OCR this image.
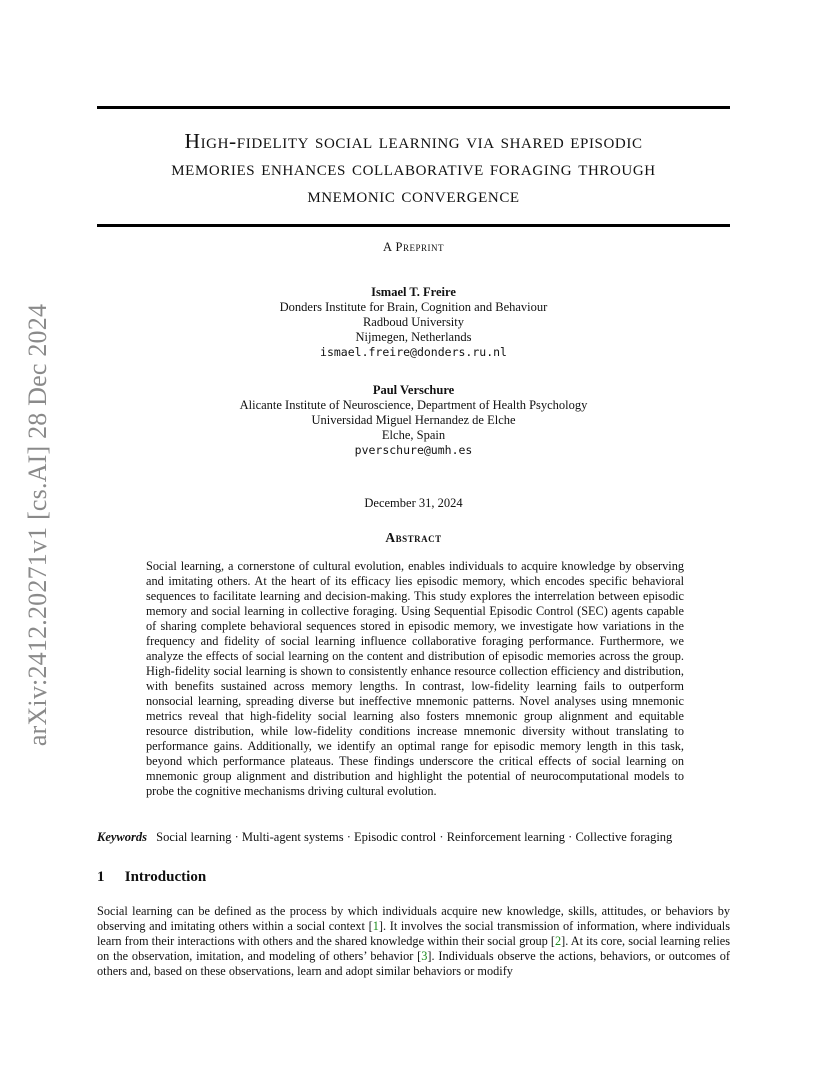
arXiv:2412.20271v1 [cs.AI] 28 Dec 2024
High-fidelity social learning via shared episodic
memories enhances collaborative foraging through
mnemonic convergence
A Preprint
Ismael T. Freire
Donders Institute for Brain, Cognition and Behaviour
Radboud University
Nijmegen, Netherlands
ismael.freire@donders.ru.nl
Paul Verschure
Alicante Institute of Neuroscience, Department of Health Psychology
Universidad Miguel Hernandez de Elche
Elche, Spain
pverschure@umh.es
December 31, 2024
Abstract
Social learning, a cornerstone of cultural evolution, enables individuals to acquire knowledge by observing and imitating others. At the heart of its efficacy lies episodic memory, which encodes specific behavioral sequences to facilitate learning and decision-making. This study explores the interrelation between episodic memory and social learning in collective foraging. Using Sequential Episodic Control (SEC) agents capable of sharing complete behavioral sequences stored in episodic memory, we investigate how variations in the frequency and fidelity of social learning influence collaborative foraging performance. Furthermore, we analyze the effects of social learning on the content and distribution of episodic memories across the group. High-fidelity social learning is shown to consistently enhance resource collection efficiency and distribution, with benefits sustained across memory lengths. In contrast, low-fidelity learning fails to outperform nonsocial learning, spreading diverse but ineffective mnemonic patterns. Novel analyses using mnemonic metrics reveal that high-fidelity social learning also fosters mnemonic group alignment and equitable resource distribution, while low-fidelity conditions increase mnemonic diversity without translating to performance gains. Additionally, we identify an optimal range for episodic memory length in this task, beyond which performance plateaus. These findings underscore the critical effects of social learning on mnemonic group alignment and distribution and highlight the potential of neurocomputational models to probe the cognitive mechanisms driving cultural evolution.
Keywords Social learning · Multi-agent systems · Episodic control · Reinforcement learning · Collective foraging
1 Introduction
Social learning can be defined as the process by which individuals acquire new knowledge, skills, attitudes, or behaviors by observing and imitating others within a social context [ 1 ] . It involves the social transmission of information, where individuals learn from their interactions with others and the shared knowledge within their social group [ 2 ] . At its core, social learning relies on the observation, imitation, and modeling of others’ behavior [ 3 ] . Individuals observe the actions, behaviors, or outcomes of others and, based on these observations, learn and adopt similar behaviors or modify
